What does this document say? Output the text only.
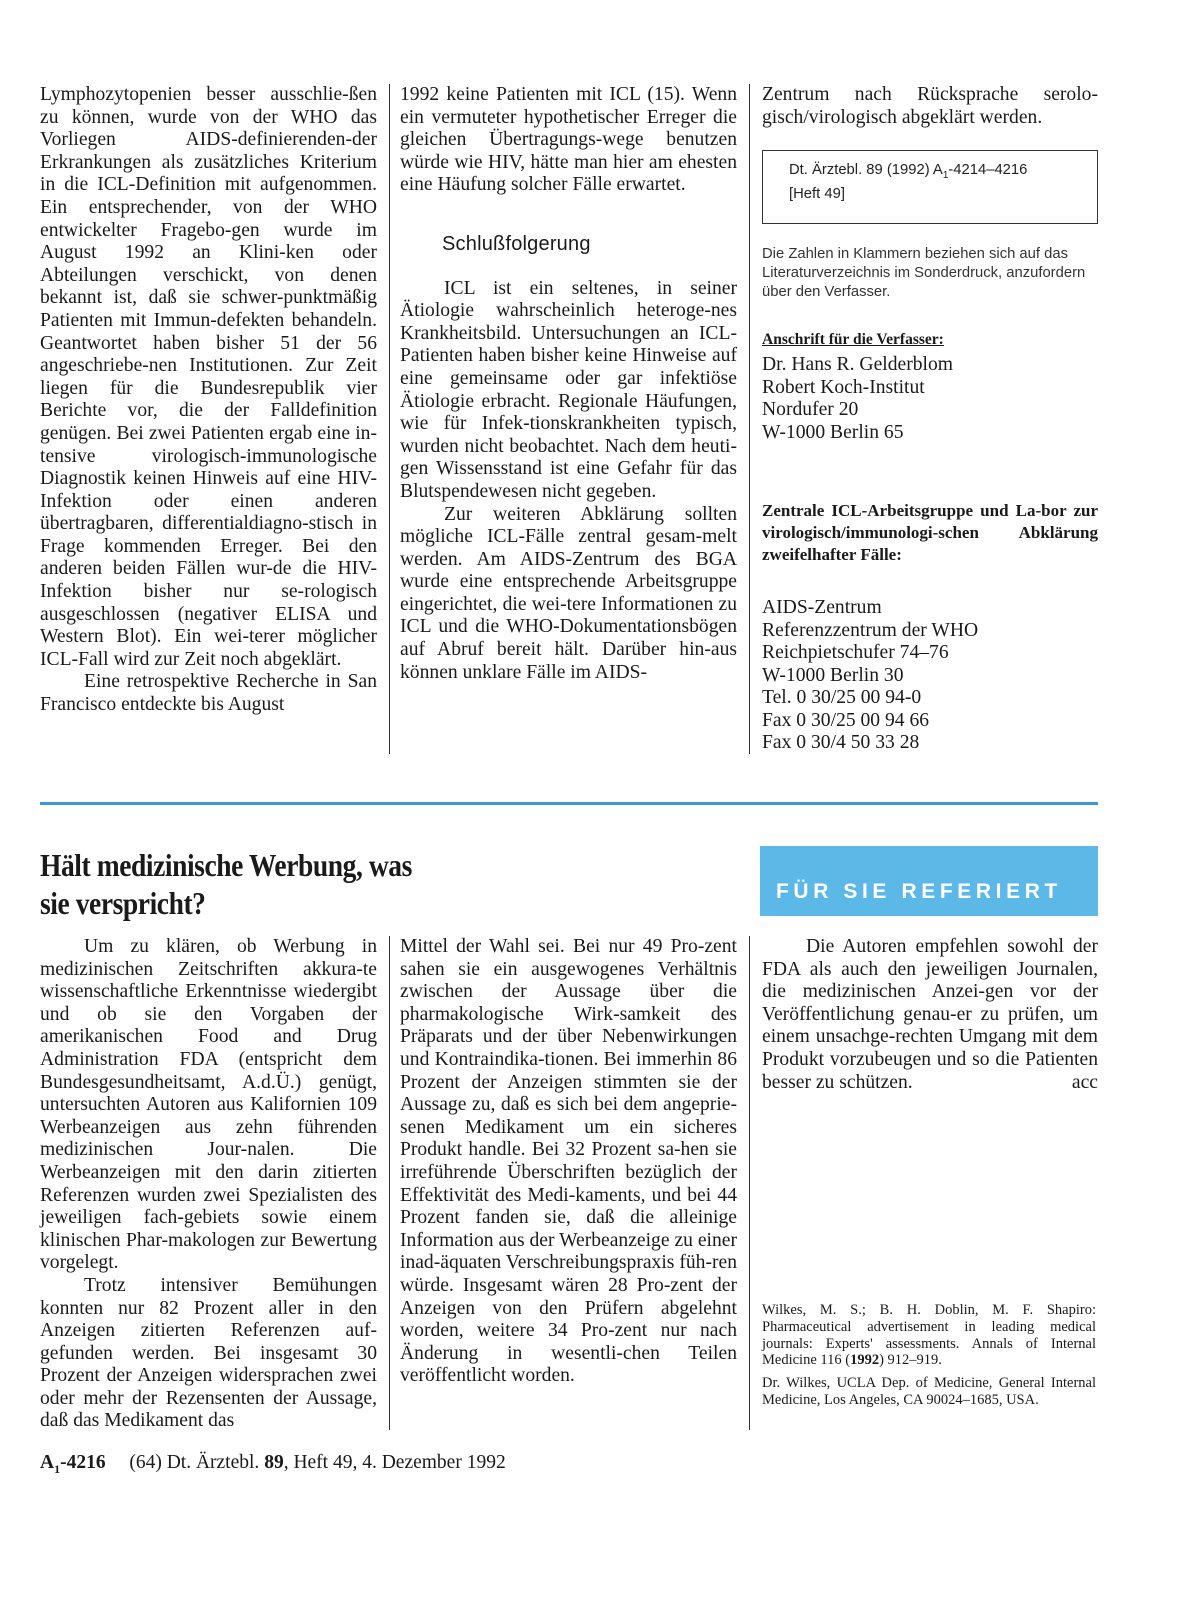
Lymphozytopenien besser ausschlie-ßen zu können, wurde von der WHO das Vorliegen AIDS-definierenden-der Erkrankungen als zusätzliches Kriterium in die ICL-Definition mit aufgenommen. Ein entsprechender, von der WHO entwickelter Fragebo-gen wurde im August 1992 an Klini-ken oder Abteilungen verschickt, von denen bekannt ist, daß sie schwer-punktmäßig Patienten mit Immun-defekten behandeln. Geantwortet haben bisher 51 der 56 angeschriebe-nen Institutionen. Zur Zeit liegen für die Bundesrepublik vier Berichte vor, die der Falldefinition genügen. Bei zwei Patienten ergab eine in-tensive virologisch-immunologische Diagnostik keinen Hinweis auf eine HIV-Infektion oder einen anderen übertragbaren, differentialdiagno-stisch in Frage kommenden Erreger. Bei den anderen beiden Fällen wur-de die HIV-Infektion bisher nur se-rologisch ausgeschlossen (negativer ELISA und Western Blot). Ein wei-terer möglicher ICL-Fall wird zur Zeit noch abgeklärt.

Eine retrospektive Recherche in San Francisco entdeckte bis August

1992 keine Patienten mit ICL (15). Wenn ein vermuteter hypothetischer Erreger die gleichen Übertragungs-wege benutzen würde wie HIV, hätte man hier am ehesten eine Häufung solcher Fälle erwartet.

Schlußfolgerung

ICL ist ein seltenes, in seiner Ätiologie wahrscheinlich heteroge-nes Krankheitsbild. Untersuchungen an ICL-Patienten haben bisher keine Hinweise auf eine gemeinsame oder gar infektiöse Ätiologie erbracht. Regionale Häufungen, wie für Infek-tionskrankheiten typisch, wurden nicht beobachtet. Nach dem heuti-gen Wissensstand ist eine Gefahr für das Blutspendewesen nicht gegeben.

Zur weiteren Abklärung sollten mögliche ICL-Fälle zentral gesam-melt werden. Am AIDS-Zentrum des BGA wurde eine entsprechende Arbeitsgruppe eingerichtet, die wei-tere Informationen zu ICL und die WHO-Dokumentationsbögen auf Abruf bereit hält. Darüber hin-aus können unklare Fälle im AIDS-

Zentrum nach Rücksprache serolo-gisch/virologisch abgeklärt werden.

Dt. Ärztebl. 89 (1992) $A_1-4214-4216$
[Heft 49]
Die Zahlen in Klammern beziehen sich auf das Literaturverzeichnis im Sonderdruck, anzufordern über den Verfasser.
Anschrift für die Verfasser:
Dr. Hans R. Gelderblom
Robert Koch-Institut
Nordufer 20
W-1000 Berlin 65
Zentrale ICL-Arbeitsgruppe und La-bor zur virologisch/immunologi-schen Abklärung zweifelhafter Fälle:
AIDS-Zentrum
Referenzzentrum der WHO
Reichpietschufer 74–76
W-1000 Berlin 30
Tel. 0 30/25 00 94-0
Fax 0 30/25 00 94 66
Fax 0 30/4 50 33 28
Hält medizinische Werbung, was
sie verspricht?	FÜR SIE REFERIERT

Um zu klären, ob Werbung in medizinischen Zeitschriften akkura-te wissenschaftliche Erkenntnisse wiedergibt und ob sie den Vorgaben der amerikanischen Food and Drug Administration FDA (entspricht dem Bundesgesundheitsamt, A.d.Ü.) genügt, untersuchten Autoren aus Kalifornien 109 Werbeanzeigen aus zehn führenden medizinischen Jour-nalen. Die Werbeanzeigen mit den darin zitierten Referenzen wurden zwei Spezialisten des jeweiligen fach-gebiets sowie einem klinischen Phar-makologen zur Bewertung vorgelegt.

Trotz intensiver Bemühungen konnten nur 82 Prozent aller in den Anzeigen zitierten Referenzen auf-gefunden werden. Bei insgesamt 30 Prozent der Anzeigen widersprachen zwei oder mehr der Rezensenten der Aussage, daß das Medikament das

Mittel der Wahl sei. Bei nur 49 Pro-zent sahen sie ein ausgewogenes Verhältnis zwischen der Aussage über die pharmakologische Wirk-samkeit des Präparats und der über Nebenwirkungen und Kontraindika-tionen. Bei immerhin 86 Prozent der Anzeigen stimmten sie der Aussage zu, daß es sich bei dem angeprie-senen Medikament um ein sicheres Produkt handle. Bei 32 Prozent sa-hen sie irreführende Überschriften bezüglich der Effektivität des Medi-kaments, und bei 44 Prozent fanden sie, daß die alleinige Information aus der Werbeanzeige zu einer inad-äquaten Verschreibungspraxis füh-ren würde. Insgesamt wären 28 Pro-zent der Anzeigen von den Prüfern abgelehnt worden, weitere 34 Pro-zent nur nach Änderung in wesentli-chen Teilen veröffentlicht worden.

Die Autoren empfehlen sowohl der FDA als auch den jeweiligen Journalen, die medizinischen Anzei-gen vor der Veröffentlichung genau-er zu prüfen, um einem unsachge-rechten Umgang mit dem Produkt vorzubeugen und so die Patienten besser zu schützen.	acc

Wilkes, M. S.; B. H. Doblin, M. F. Shapiro: Pharmaceutical advertisement in leading medical journals: Experts' assessments. Annals of Internal Medicine 116 (1992) 912–919.

Dr. Wilkes, UCLA Dep. of Medicine, General Internal Medicine, Los Angeles, CA 90024–1685, USA.

$A_1-4216$ (64) Dt. Ärztebl. 89, Heft 49, 4. Dezember 1992
